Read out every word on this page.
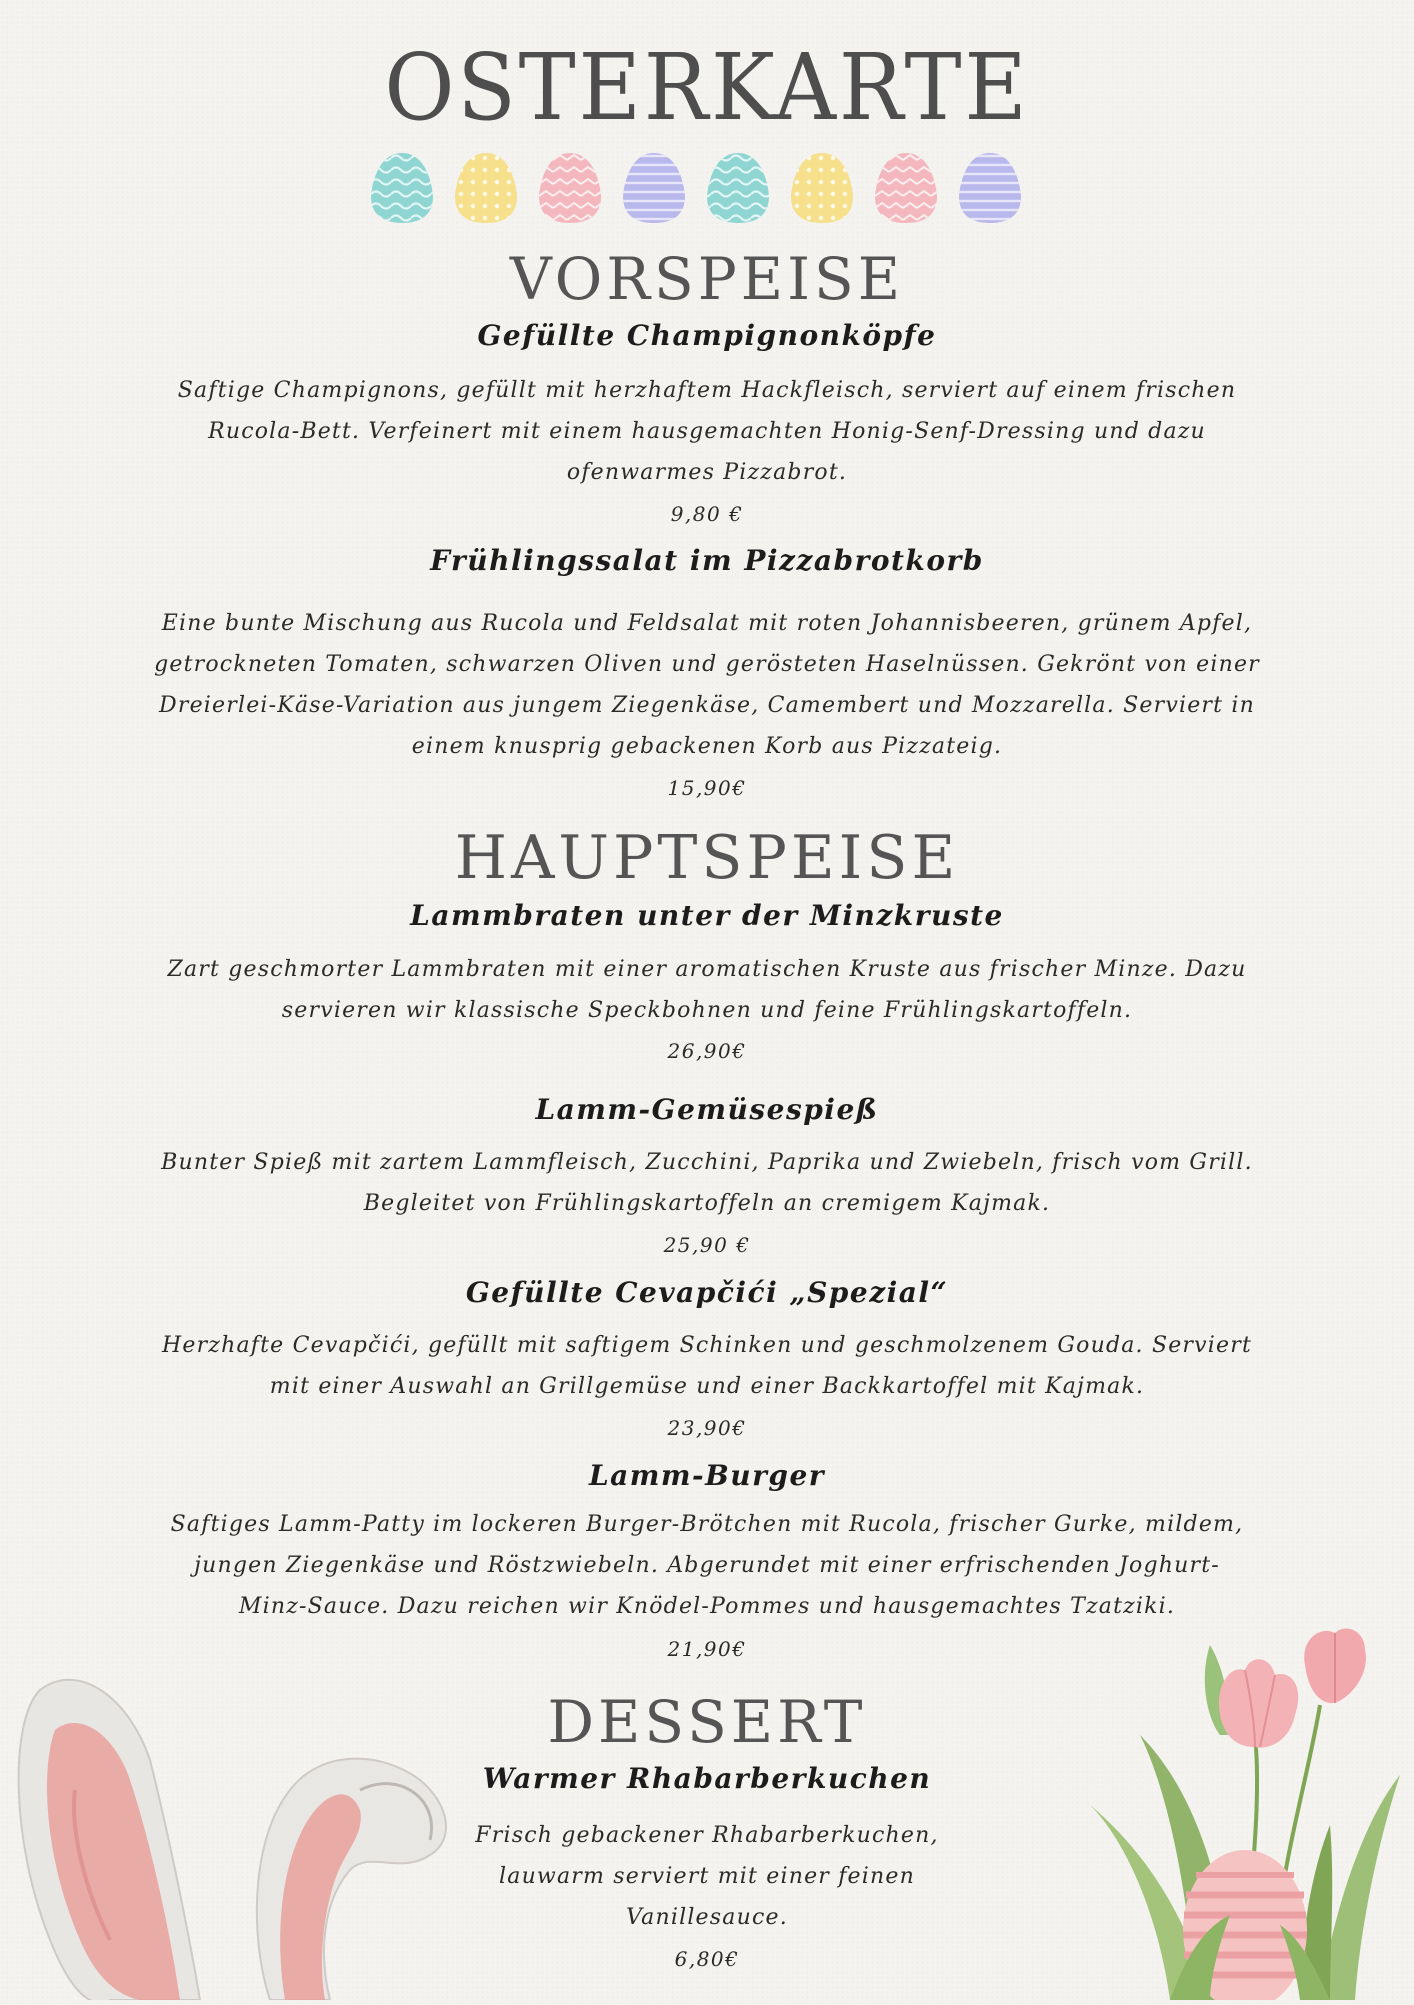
OSTERKARTE
VORSPEISE
Gefüllte Champignonköpfe
Saftige Champignons, gefüllt mit herzhaftem Hackfleisch, serviert auf einem frischen Rucola-Bett. Verfeinert mit einem hausgemachten Honig-Senf-Dressing und dazu ofenwarmes Pizzabrot.
9,80 €
Frühlingssalat im Pizzabrotkorb
Eine bunte Mischung aus Rucola und Feldsalat mit roten Johannisbeeren, grünem Apfel, getrockneten Tomaten, schwarzen Oliven und gerösteten Haselnüssen. Gekrönt von einer Dreierlei-Käse-Variation aus jungem Ziegenkäse, Camembert und Mozzarella. Serviert in einem knusprig gebackenen Korb aus Pizzateig.
15,90€
HAUPTSPEISE
Lammbraten unter der Minzkruste
Zart geschmorter Lammbraten mit einer aromatischen Kruste aus frischer Minze. Dazu servieren wir klassische Speckbohnen und feine Frühlingskartoffeln.
26,90€
Lamm-Gemüsespieß
Bunter Spieß mit zartem Lammfleisch, Zucchini, Paprika und Zwiebeln, frisch vom Grill. Begleitet von Frühlingskartoffeln an cremigem Kajmak.
25,90 €
Gefüllte Cevapčići „Spezial“
Herzhafte Cevapčići, gefüllt mit saftigem Schinken und geschmolzenem Gouda. Serviert mit einer Auswahl an Grillgemüse und einer Backkartoffel mit Kajmak.
23,90€
Lamm-Burger
Saftiges Lamm-Patty im lockeren Burger-Brötchen mit Rucola, frischer Gurke, mildem, jungen Ziegenkäse und Röstzwiebeln. Abgerundet mit einer erfrischenden Joghurt-Minz-Sauce. Dazu reichen wir Knödel-Pommes und hausgemachtes Tzatziki.
21,90€
DESSERT
Warmer Rhabarberkuchen
Frisch gebackener Rhabarberkuchen, lauwarm serviert mit einer feinen Vanillesauce.
6,80€
